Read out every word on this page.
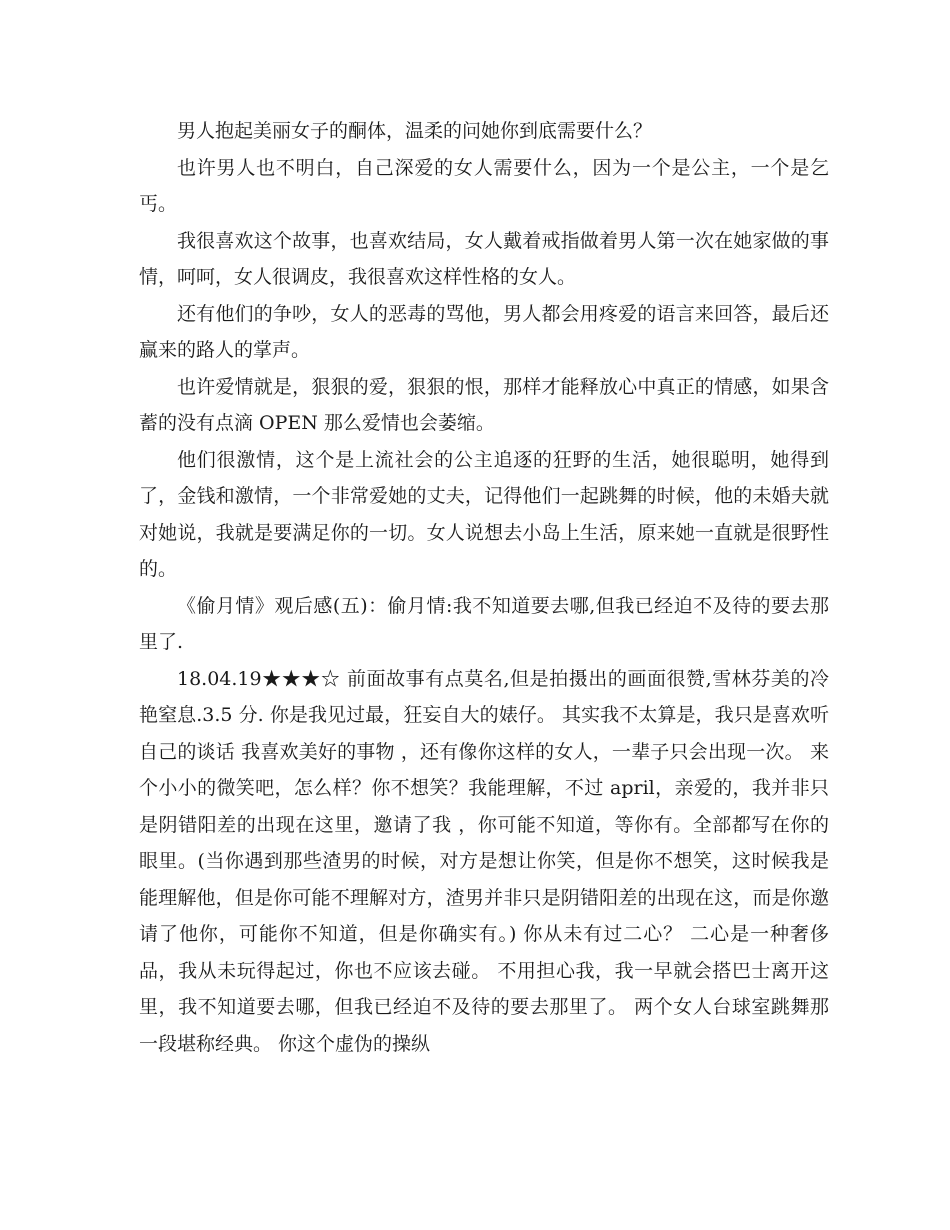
男人抱起美丽女子的酮体，温柔的问她你到底需要什么？

也许男人也不明白，自己深爱的女人需要什么，因为一个是公主，一个是乞丐。

我很喜欢这个故事，也喜欢结局，女人戴着戒指做着男人第一次在她家做的事情，呵呵，女人很调皮，我很喜欢这样性格的女人。

还有他们的争吵，女人的恶毒的骂他，男人都会用疼爱的语言来回答，最后还赢来的路人的掌声。

也许爱情就是，狠狠的爱，狠狠的恨，那样才能释放心中真正的情感，如果含蓄的没有点滴 OPEN 那么爱情也会萎缩。

他们很激情，这个是上流社会的公主追逐的狂野的生活，她很聪明，她得到了，金钱和激情，一个非常爱她的丈夫，记得他们一起跳舞的时候，他的未婚夫就对她说，我就是要满足你的一切。女人说想去小岛上生活，原来她一直就是很野性的。

《偷月情》观后感(五)：偷月情:我不知道要去哪,但我已经迫不及待的要去那里了.

18.04.19★★★☆ 前面故事有点莫名,但是拍摄出的画面很赞,雪林芬美的冷艳窒息.3.5 分. 你是我见过最，狂妄自大的婊仔。 其实我不太算是，我只是喜欢听自己的谈话 我喜欢美好的事物 ，还有像你这样的女人，一辈子只会出现一次。 来个小小的微笑吧，怎么样？你不想笑？我能理解，不过 april，亲爱的，我并非只是阴错阳差的出现在这里，邀请了我 ，你可能不知道，等你有。全部都写在你的眼里。(当你遇到那些渣男的时候，对方是想让你笑，但是你不想笑，这时候我是能理解他，但是你可能不理解对方，渣男并非只是阴错阳差的出现在这，而是你邀请了他你，可能你不知道，但是你确实有。) 你从未有过二心？ 二心是一种奢侈品，我从未玩得起过，你也不应该去碰。 不用担心我，我一早就会搭巴士离开这里，我不知道要去哪，但我已经迫不及待的要去那里了。 两个女人台球室跳舞那一段堪称经典。 你这个虚伪的操纵
